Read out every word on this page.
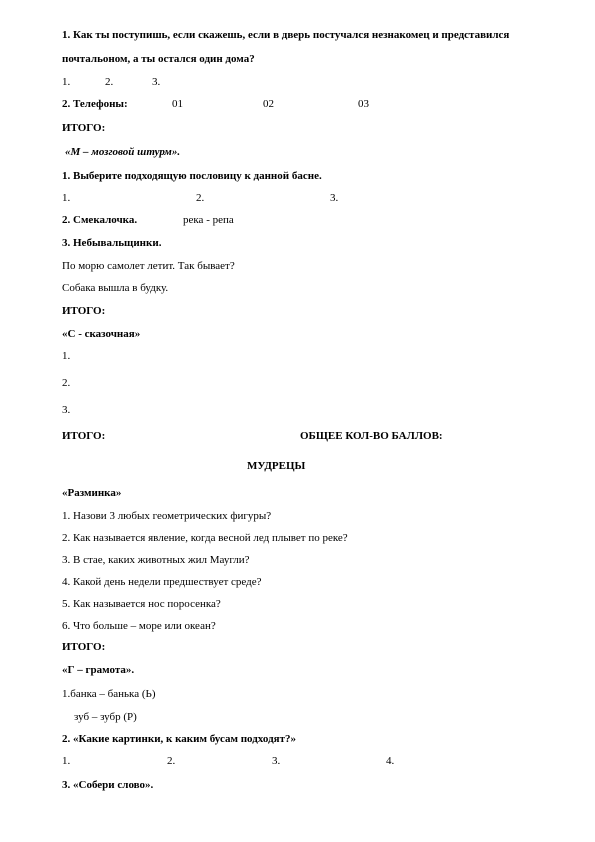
1. Как ты поступишь, если скажешь, если в дверь постучался незнакомец и представился
почтальоном, а ты остался один дома?
1.	2.	3.
2. Телефоны:	01	02	03
ИТОГО:
«М – мозговой штурм».
1. Выберите подходящую пословицу к данной басне.
1.	2.	3.
2. Смекалочка.	река - репа
3. Небывальщинки.
По морю самолет летит. Так бывает?
Собака вышла в будку.
ИТОГО:
«С - сказочная»
1.
2.
3.
ИТОГО:	ОБЩЕЕ КОЛ-ВО БАЛЛОВ:
МУДРЕЦЫ
«Разминка»
1. Назови 3 любых геометрических фигуры?
2. Как называется явление, когда весной лед плывет по реке?
3. В стае, каких животных жил Маугли?
4. Какой день недели предшествует среде?
5. Как называется нос поросенка?
6. Что больше – море или океан?
ИТОГО:
«Г – грамота».
1.банка – банька (Ь)
зуб – зубр (Р)
2. «Какие картинки, к каким бусам подходят?»
1.	2.	3.	4.
3. «Собери слово».
